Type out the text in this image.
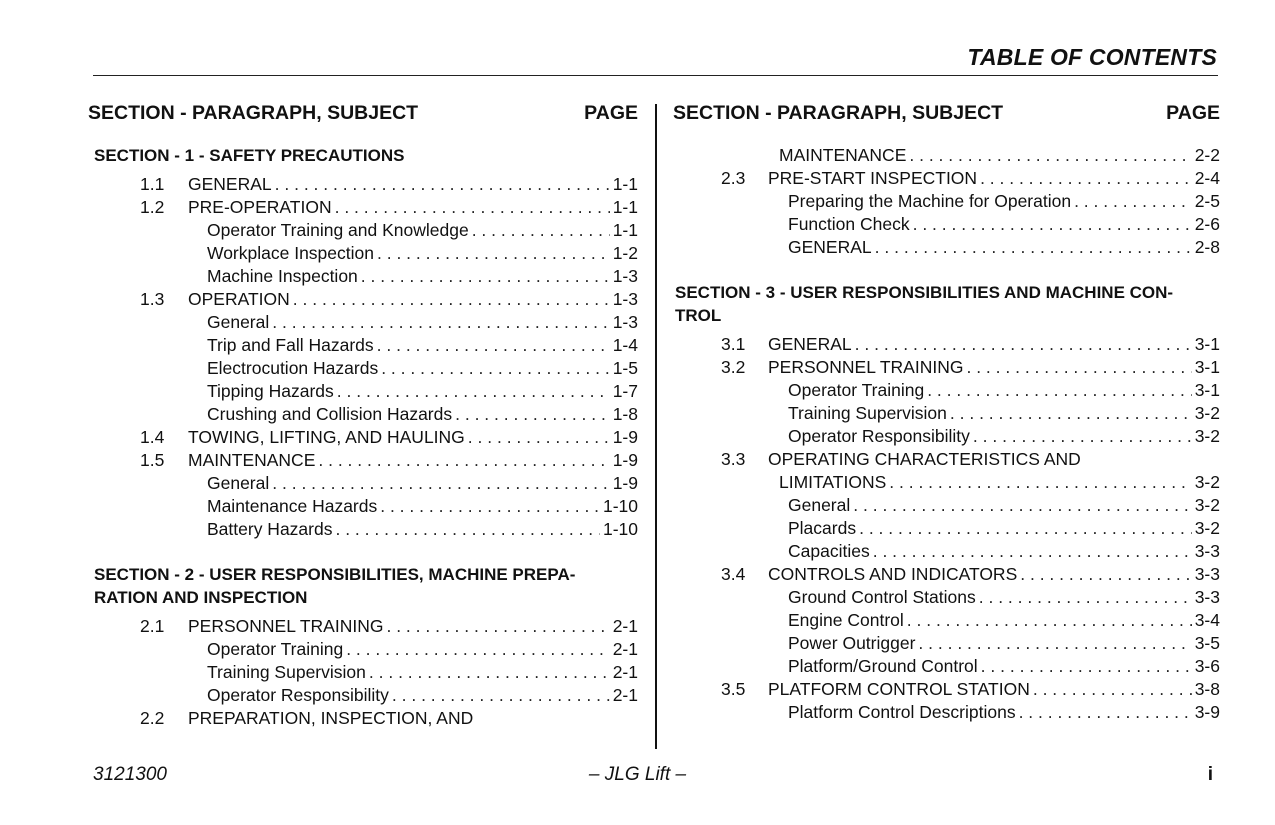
TABLE OF CONTENTS
SECTION - PARAGRAPH, SUBJECT	PAGE
SECTION - 1 - SAFETY PRECAUTIONS
1.1	GENERAL . . .	1-1
1.2	PRE-OPERATION . . .	1-1
Operator Training and Knowledge . . .	1-1
Workplace Inspection . . .	1-2
Machine Inspection . . .	1-3
1.3	OPERATION . . .	1-3
General . . .	1-3
Trip and Fall Hazards . . .	1-4
Electrocution Hazards . . .	1-5
Tipping Hazards . . .	1-7
Crushing and Collision Hazards . . .	1-8
1.4	TOWING, LIFTING, AND HAULING . . .	1-9
1.5	MAINTENANCE . . .	1-9
General . . .	1-9
Maintenance Hazards . . .	1-10
Battery Hazards . . .	1-10
SECTION - 2 - USER RESPONSIBILITIES, MACHINE PREPA-
RATION AND INSPECTION
2.1	PERSONNEL TRAINING . . .	2-1
Operator Training . . .	2-1
Training Supervision . . .	2-1
Operator Responsibility . . .	2-1
2.2	PREPARATION, INSPECTION, AND
SECTION - PARAGRAPH, SUBJECT	PAGE
MAINTENANCE . . .	2-2
2.3	PRE-START INSPECTION . . .	2-4
Preparing the Machine for Operation . . .	2-5
Function Check . . .	2-6
GENERAL . . .	2-8
SECTION - 3 - USER RESPONSIBILITIES AND MACHINE CON-
TROL
3.1	GENERAL . . .	3-1
3.2	PERSONNEL TRAINING . . .	3-1
Operator Training . . .	3-1
Training Supervision . . .	3-2
Operator Responsibility . . .	3-2
3.3	OPERATING CHARACTERISTICS AND
LIMITATIONS . . .	3-2
General . . .	3-2
Placards . . .	3-2
Capacities . . .	3-3
3.4	CONTROLS AND INDICATORS . . .	3-3
Ground Control Stations . . .	3-3
Engine Control . . .	3-4
Power Outrigger . . .	3-5
Platform/Ground Control . . .	3-6
3.5	PLATFORM CONTROL STATION . . .	3-8
Platform Control Descriptions . . .	3-9
3121300	– JLG Lift –	i
